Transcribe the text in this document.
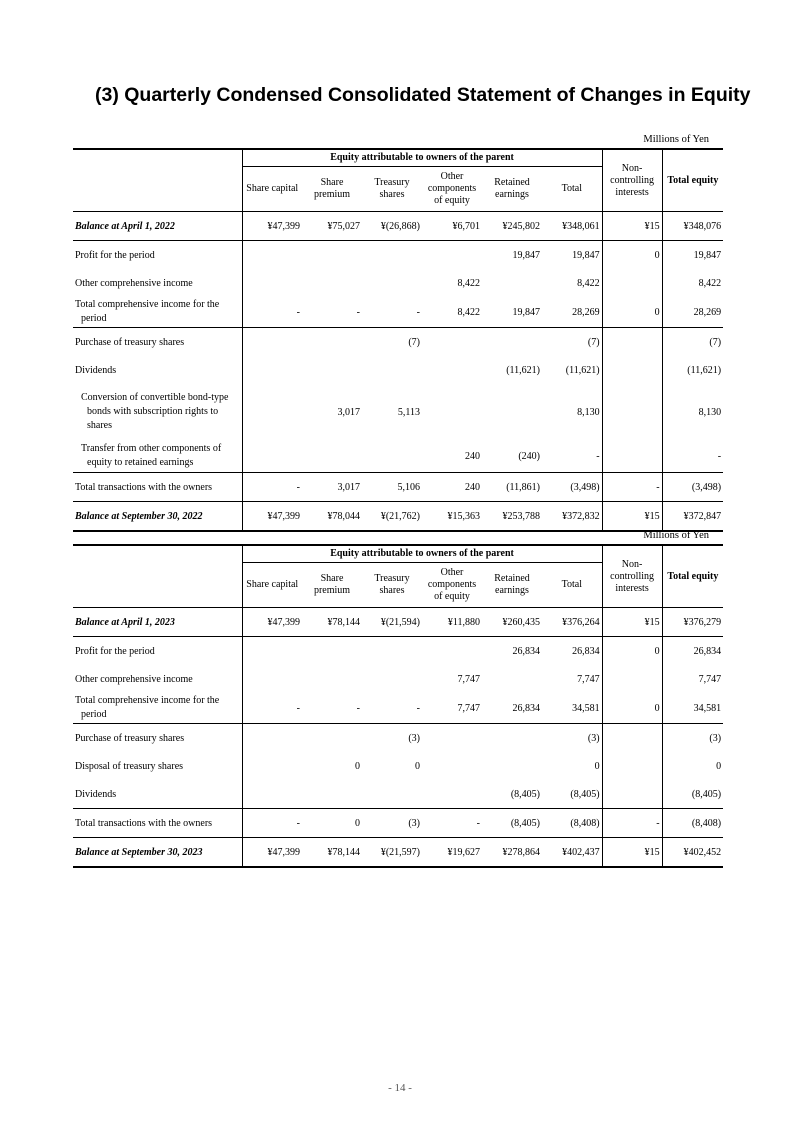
(3) Quarterly Condensed Consolidated Statement of Changes in Equity
Millions of Yen
	Equity attributable to owners of the parent						Non-controlling interests	Total equity
	Share capital	Share premium	Treasury shares	Other components of equity	Retained earnings	Total		
Balance at April 1, 2022	¥47,399	¥75,027	¥(26,868)	¥6,701	¥245,802	¥348,061	¥15	¥348,076
Profit for the period					19,847	19,847	0	19,847
Other comprehensive income				8,422		8,422		8,422

Total comprehensive income for the period	-	-	-	8,422	19,847	28,269	0	28,269
Purchase of treasury shares			(7)			(7)		(7)
Dividends					(11,621)	(11,621)		(11,621)

Conversion of convertible bond-type bonds with subscription rights to shares		3,017	5,113			8,130		8,130

Transfer from other components of equity to retained earnings				240	(240)	-		-
Total transactions with the owners	-	3,017	5,106	240	(11,861)	(3,498)	-	(3,498)
Balance at September 30, 2022	¥47,399	¥78,044	¥(21,762)	¥15,363	¥253,788	¥372,832	¥15	¥372,847
Millions of Yen
	Equity attributable to owners of the parent						Non-controlling interests	Total equity
	Share capital	Share premium	Treasury shares	Other components of equity	Retained earnings	Total		
Balance at April 1, 2023	¥47,399	¥78,144	¥(21,594)	¥11,880	¥260,435	¥376,264	¥15	¥376,279
Profit for the period					26,834	26,834	0	26,834
Other comprehensive income				7,747		7,747		7,747

Total comprehensive income for the period	-	-	-	7,747	26,834	34,581	0	34,581
Purchase of treasury shares			(3)			(3)		(3)
Disposal of treasury shares		0	0			0		0
Dividends					(8,405)	(8,405)		(8,405)
Total transactions with the owners	-	0	(3)	-	(8,405)	(8,408)	-	(8,408)
Balance at September 30, 2023	¥47,399	¥78,144	¥(21,597)	¥19,627	¥278,864	¥402,437	¥15	¥402,452
- 14 -
